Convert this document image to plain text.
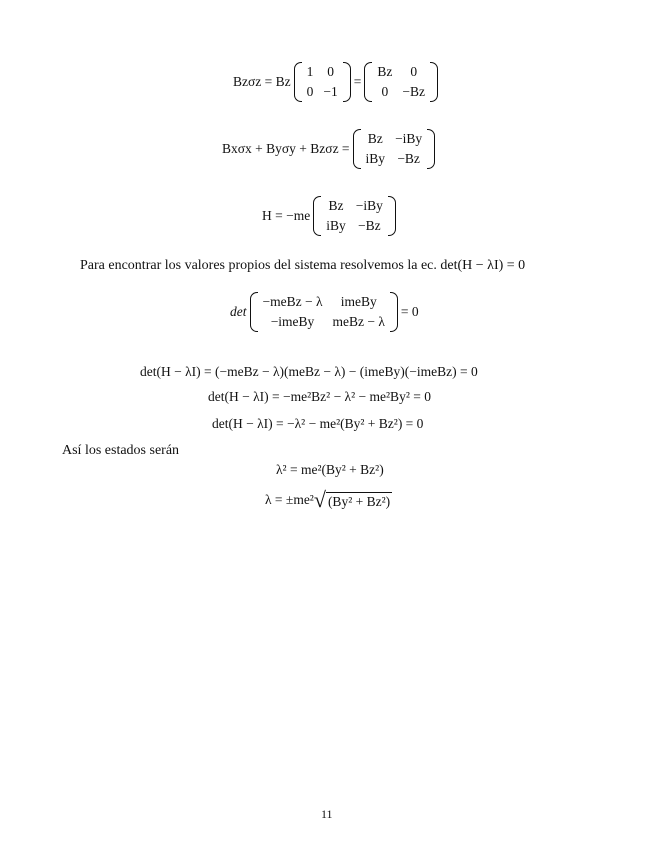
Bzσz = Bz
1	0
0	−1
=
Bz	0
0	−Bz
Bxσx + Byσy + Bzσz =
Bz	−iBy
iBy	−Bz
H = −me
Bz	−iBy
iBy	−Bz
Para encontrar los valores propios del sistema resolvemos la ec. det(H − λI) = 0
det
−meBz − λ	imeBy
−imeBy	meBz − λ
= 0
det(H − λI) = (−meBz − λ)(meBz − λ) − (imeBy)(−imeBz) = 0
det(H − λI) = −me²Bz² − λ² − me²By² = 0
det(H − λI) = −λ² − me²(By² + Bz²) = 0
Así los estados serán
λ² = me²(By² + Bz²)
λ = ±me² √ (By² + Bz²)
11
